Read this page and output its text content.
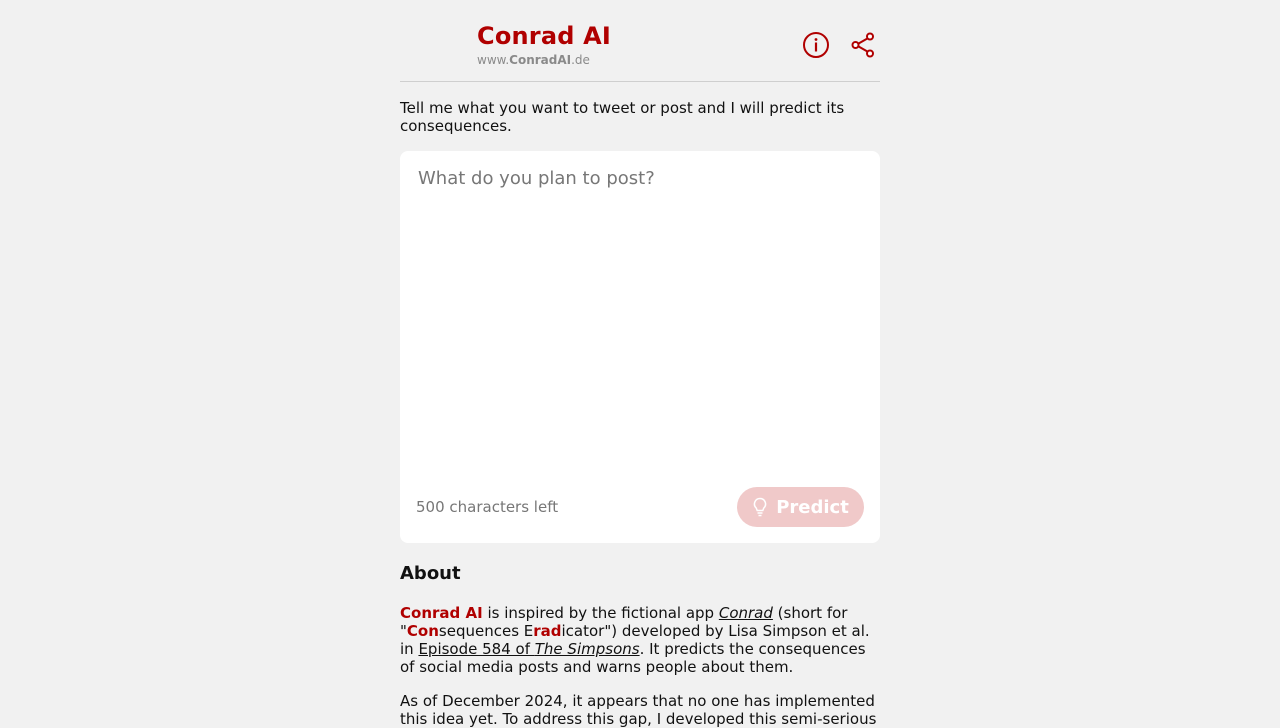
Conrad AI
www.ConradAI.de

Tell me what you want to tweet or post and I will predict its consequences.

What do you plan to post?
500 characters left	Predict
About

Conrad AI is inspired by the fictional app Conrad (short for "Consequences Eradicator") developed by Lisa Simpson et al. in Episode 584 of The Simpsons. It predicts the consequences of social media posts and warns people about them.

As of December 2024, it appears that no one has implemented this idea yet. To address this gap, I developed this semi-serious
